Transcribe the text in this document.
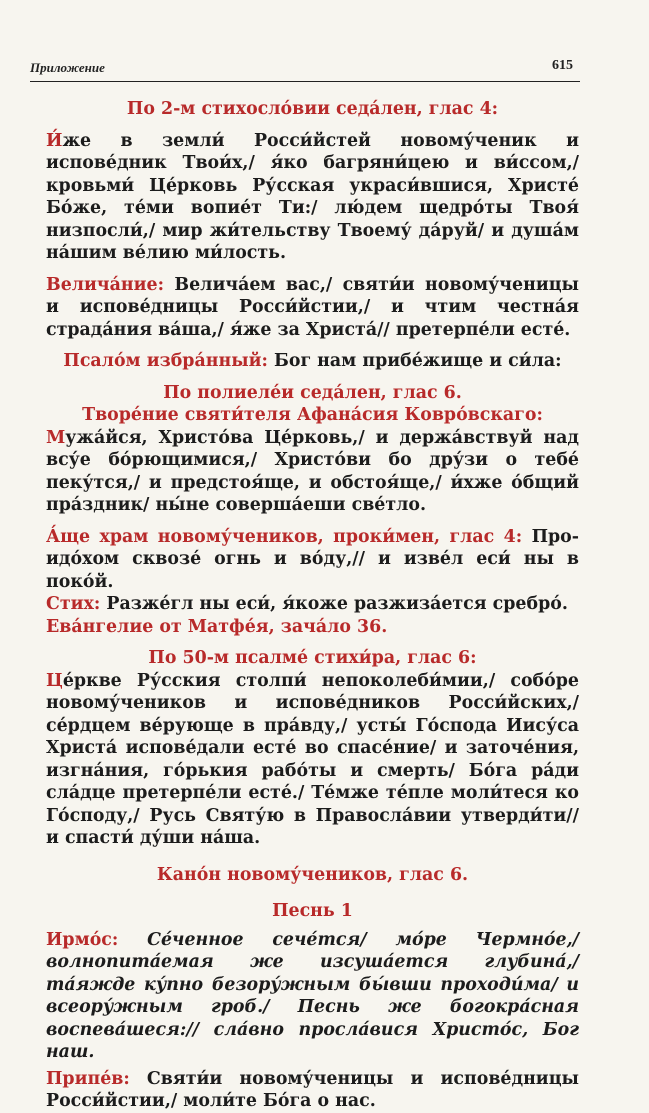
Приложение	615

По 2-м стихосло́вии седа́лен, глас 4:

И́же в земли́ Росси́йстей новому́ченик и испове́дник Твои́х,/ я́ко багряни́цею и ви́ссом,/ кровьми́ Це́рковь Ру́сская украси́вшися, Христе́ Бо́же, те́ми вопие́т Ти:/ лю́дем щедро́ты Твоя́ низпосли́,/ мир жи́тельству Твоему́ да́руй/ и душа́м на́шим ве́лию ми́лость.

Велича́ние: Велича́ем вас,/ святи́и новому́ченицы и испове́дницы Росси́йстии,/ и чтим честна́я страда́ния ва́ша,/ я́же за Христа́// претерпе́ли есте́.

Псало́м избра́нный: Бог нам прибе́жище и си́ла:

По полиеле́и седа́лен, глас 6.

Творе́ние святи́теля Афана́сия Ковро́вскаго:

Мужа́йся, Христо́ва Це́рковь,/ и держа́вствуй над всу́е бо́рющимися,/ Христо́ви бо дру́зи о тебе́ пеку́тся,/ и предстоя́ще, и обстоя́ще,/ и́хже о́бщий пра́здник/ ны́не соверша́еши све́тло.

А́ще храм новому́чеников, проки́мен, глас 4: Про- идо́хом сквозе́ огнь и во́ду,// и изве́л еси́ ны в поко́й.

Стих: Разже́гл ны еси́, я́коже разжиза́ется сребро́.

Ева́нгелие от Матфе́я, зача́ло 36.

По 50-м псалме́ стихи́ра, глас 6:

Це́ркве Ру́сския столпи́ непоколеби́мии,/ собо́ре новому́чеников и испове́дников Росси́йских,/ се́рдцем ве́рующе в пра́вду,/ усты́ Го́спода Иису́са Христа́ испове́дали есте́ во спасе́ние/ и заточе́ния, изгна́ния, го́рькия рабо́ты и смерть/ Бо́га ра́ди сла́дце претерпе́ли есте́./ Те́мже те́пле моли́теся ко Го́споду,/ Русь Святу́ю в Правосла́вии утверди́ти// и спасти́ ду́ши на́ша.

Кано́н новому́чеников, глас 6.

Песнь 1

Ирмо́с: Се́ченное сече́тся/ мо́ре Чермно́е,/ волнопита́емая же изсуша́ется глубина́,/ та́яжде ку́пно безору́жным бы́вши проходи́ма/ и всеору́жным гроб./ Песнь же богокра́сная воспева́шеся:// сла́вно просла́вися Христо́с, Бог наш.

Припе́в: Святи́и новому́ченицы и испове́дницы Росси́йстии,/ моли́те Бо́га о нас.
